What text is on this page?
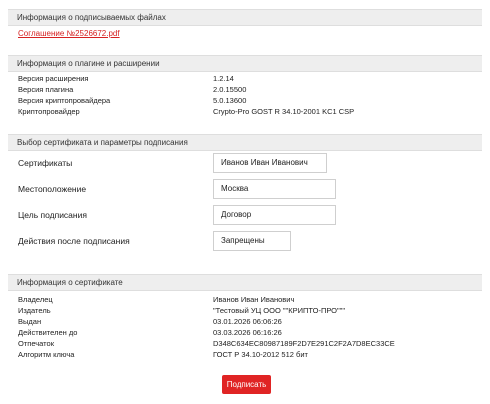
Информация о подписываемых файлах
Соглашение №2526672.pdf
Информация о плагине и расширении
Версия расширения	1.2.14
Версия плагина	2.0.15500
Версия криптопровайдера	5.0.13600
Криптопровайдер	Crypto-Pro GOST R 34.10-2001 KC1 CSP
Выбор сертификата и параметры подписания
Сертификаты	Иванов Иван Иванович
Местоположение	Москва
Цель подписания	Договор
Действия после подписания	Запрещены
Информация о сертификате
Владелец	Иванов Иван Иванович
Издатель	"Тестовый УЦ ООО ""КРИПТО-ПРО"""
Выдан	03.01.2026 06:06:26
Действителен до	03.03.2026 06:16:26
Отпечаток	D348C634EC80987189F2D7E291C2F2A7D8EC33CE
Алгоритм ключа	ГОСТ Р 34.10-2012 512 бит
Подписать
